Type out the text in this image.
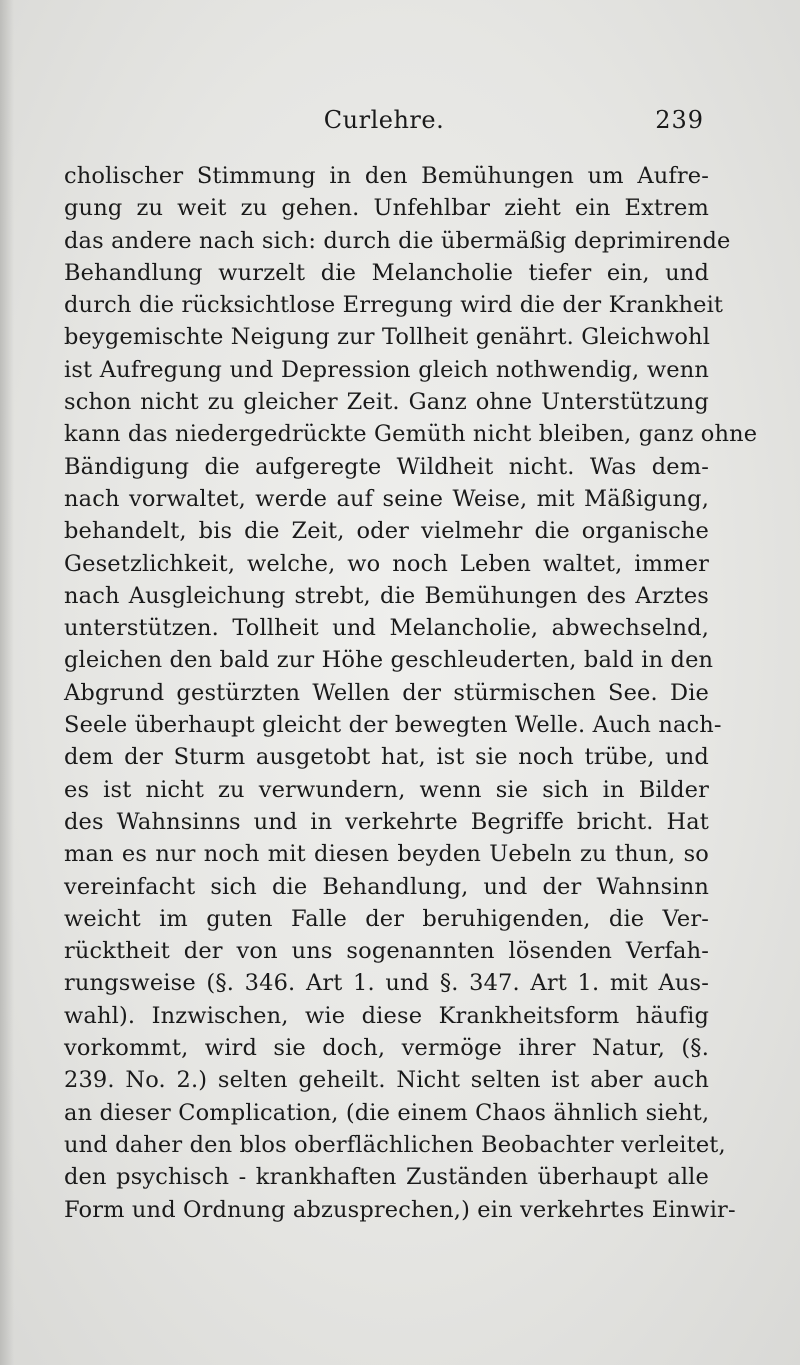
Curlehre.	239
cholischer Stimmung in den Bemühungen um Aufre-
gung zu weit zu gehen. Unfehlbar zieht ein Extrem
das andere nach sich: durch die übermäßig deprimirende
Behandlung wurzelt die Melancholie tiefer ein, und
durch die rücksichtlose Erregung wird die der Krankheit
beygemischte Neigung zur Tollheit genährt. Gleichwohl
ist Aufregung und Depression gleich nothwendig, wenn
schon nicht zu gleicher Zeit. Ganz ohne Unterstützung
kann das niedergedrückte Gemüth nicht bleiben, ganz ohne
Bändigung die aufgeregte Wildheit nicht. Was dem-
nach vorwaltet, werde auf seine Weise, mit Mäßigung,
behandelt, bis die Zeit, oder vielmehr die organische
Gesetzlichkeit, welche, wo noch Leben waltet, immer
nach Ausgleichung strebt, die Bemühungen des Arztes
unterstützen. Tollheit und Melancholie, abwechselnd,
gleichen den bald zur Höhe geschleuderten, bald in den
Abgrund gestürzten Wellen der stürmischen See. Die
Seele überhaupt gleicht der bewegten Welle. Auch nach-
dem der Sturm ausgetobt hat, ist sie noch trübe, und
es ist nicht zu verwundern, wenn sie sich in Bilder
des Wahnsinns und in verkehrte Begriffe bricht. Hat
man es nur noch mit diesen beyden Uebeln zu thun, so
vereinfacht sich die Behandlung, und der Wahnsinn
weicht im guten Falle der beruhigenden, die Ver-
rücktheit der von uns sogenannten lösenden Verfah-
rungsweise (§. 346. Art 1. und §. 347. Art 1. mit Aus-
wahl). Inzwischen, wie diese Krankheitsform häufig
vorkommt, wird sie doch, vermöge ihrer Natur, (§.
239. No. 2.) selten geheilt. Nicht selten ist aber auch
an dieser Complication, (die einem Chaos ähnlich sieht,
und daher den blos oberflächlichen Beobachter verleitet,
den psychisch - krankhaften Zuständen überhaupt alle
Form und Ordnung abzusprechen,) ein verkehrtes Einwir-
